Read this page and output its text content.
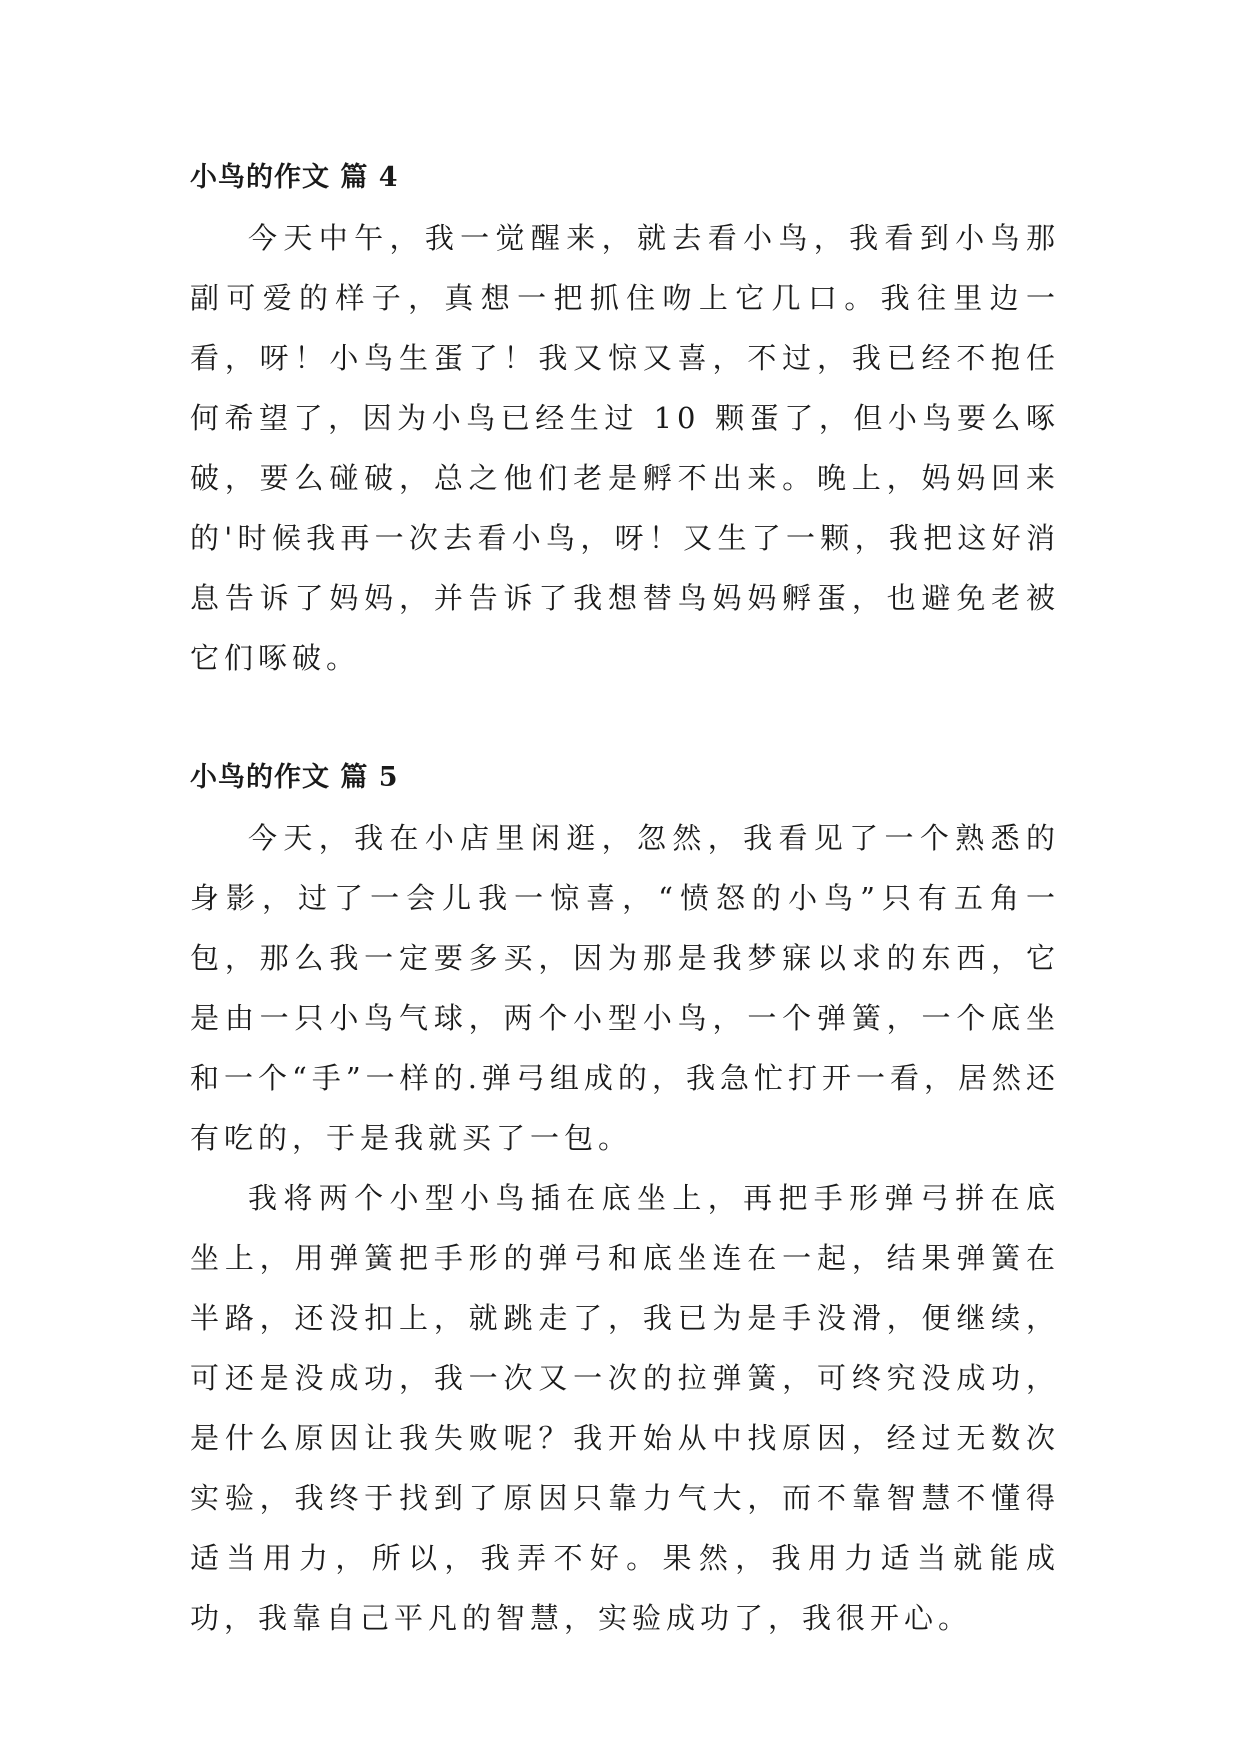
小鸟的作文 篇 4

今天中午，我一觉醒来，就去看小鸟，我看到小鸟那副可爱的样子，真想一把抓住吻上它几口。我往里边一看，呀！小鸟生蛋了！我又惊又喜，不过，我已经不抱任何希望了，因为小鸟已经生过 10 颗蛋了，但小鸟要么啄破，要么碰破，总之他们老是孵不出来。晚上，妈妈回来的'时候我再一次去看小鸟，呀！又生了一颗，我把这好消息告诉了妈妈，并告诉了我想替鸟妈妈孵蛋，也避免老被它们啄破。

小鸟的作文 篇 5

今天，我在小店里闲逛，忽然，我看见了一个熟悉的身影，过了一会儿我一惊喜，“愤怒的小鸟”只有五角一包，那么我一定要多买，因为那是我梦寐以求的东西，它是由一只小鸟气球，两个小型小鸟，一个弹簧，一个底坐和一个“手”一样的.弹弓组成的，我急忙打开一看，居然还有吃的，于是我就买了一包。

我将两个小型小鸟插在底坐上，再把手形弹弓拼在底坐上，用弹簧把手形的弹弓和底坐连在一起，结果弹簧在半路，还没扣上，就跳走了，我已为是手没滑，便继续，可还是没成功，我一次又一次的拉弹簧，可终究没成功，是什么原因让我失败呢？我开始从中找原因，经过无数次实验，我终于找到了原因只靠力气大，而不靠智慧不懂得适当用力，所以，我弄不好。果然，我用力适当就能成功，我靠自己平凡的智慧，实验成功了，我很开心。
